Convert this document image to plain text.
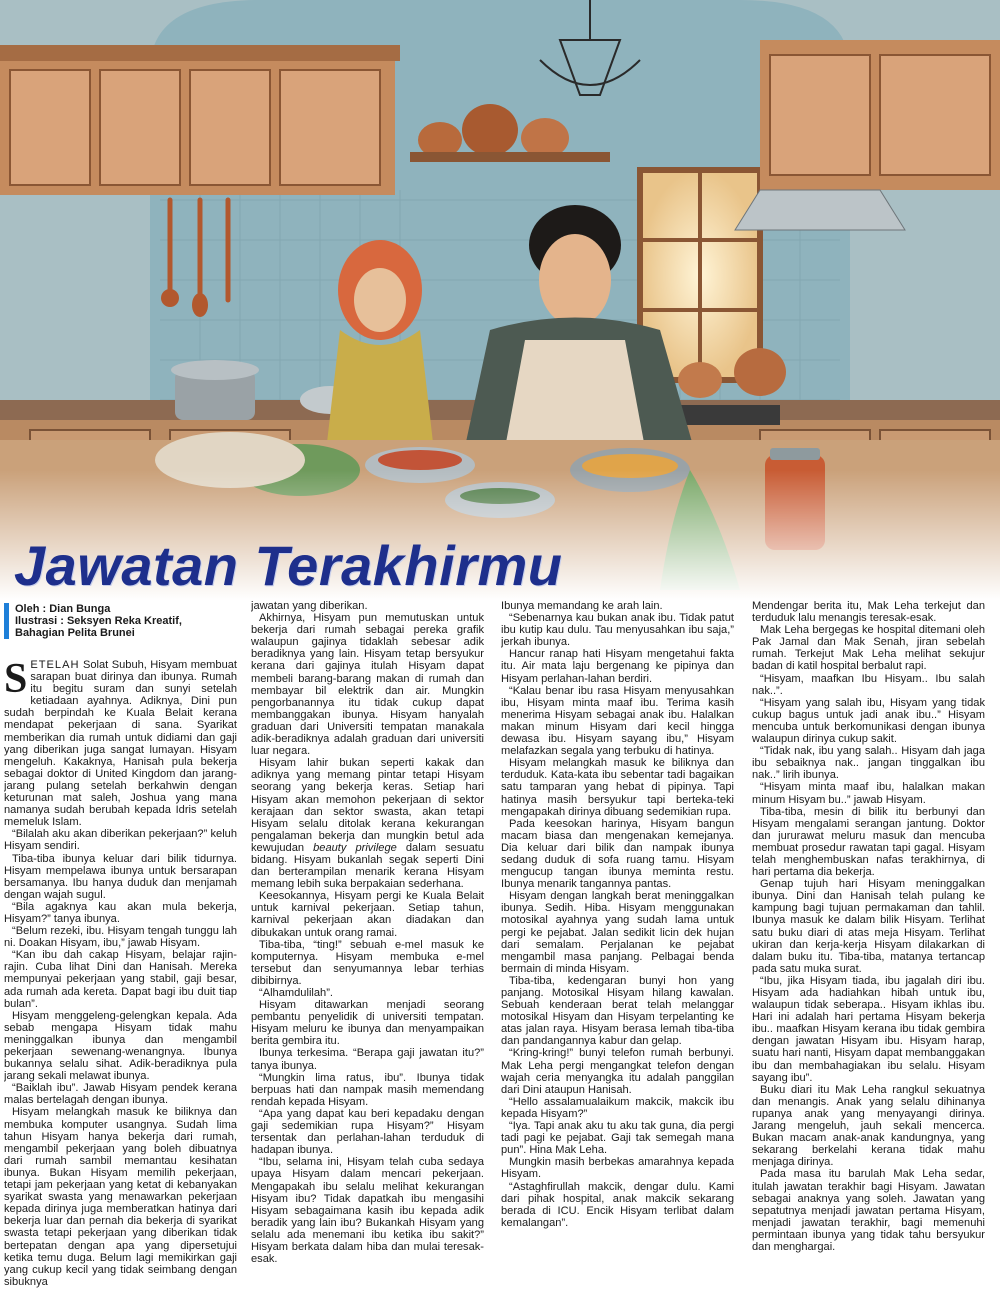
Jawatan Terakhirmu
Oleh : Dian Bunga
Ilustrasi : Seksyen Reka Kreatif,
Bahagian Pelita Brunei

SETELAH Solat Subuh, Hisyam membuat sarapan buat dirinya dan ibunya. Rumah itu begitu suram dan sunyi setelah ketiadaan ayahnya. Adiknya, Dini pun sudah berpindah ke Kuala Belait kerana mendapat pekerjaan di sana. Syarikat memberikan dia rumah untuk didiami dan gaji yang diberikan juga sangat lumayan. Hisyam mengeluh. Kakaknya, Hanisah pula bekerja sebagai doktor di United Kingdom dan jarang-jarang pulang setelah berkahwin dengan keturunan mat saleh, Joshua yang mana namanya sudah berubah kepada Idris setelah memeluk Islam.

“Bilalah aku akan diberikan pekerjaan?” keluh Hisyam sendiri.

Tiba-tiba ibunya keluar dari bilik tidurnya. Hisyam mempelawa ibunya untuk bersarapan bersamanya. Ibu hanya duduk dan menjamah dengan wajah sugul.

“Bila agaknya kau akan mula bekerja, Hisyam?” tanya ibunya.

“Belum rezeki, ibu. Hisyam tengah tunggu lah ni. Doakan Hisyam, ibu,” jawab Hisyam.

“Kan ibu dah cakap Hisyam, belajar rajin-rajin. Cuba lihat Dini dan Hanisah. Mereka mempunyai pekerjaan yang stabil, gaji besar, ada rumah ada kereta. Dapat bagi ibu duit tiap bulan”.

Hisyam menggeleng-gelengkan kepala. Ada sebab mengapa Hisyam tidak mahu meninggalkan ibunya dan mengambil pekerjaan sewenang-wenangnya. Ibunya bukannya selalu sihat. Adik-beradiknya pula jarang sekali melawat ibunya.

“Baiklah ibu”. Jawab Hisyam pendek kerana malas bertelagah dengan ibunya.

Hisyam melangkah masuk ke biliknya dan membuka komputer usangnya. Sudah lima tahun Hisyam hanya bekerja dari rumah, mengambil pekerjaan yang boleh dibuatnya dari rumah sambil memantau kesihatan ibunya. Bukan Hisyam memilih pekerjaan, tetapi jam pekerjaan yang ketat di kebanyakan syarikat swasta yang menawarkan pekerjaan kepada dirinya juga memberatkan hatinya dari bekerja luar dan pernah dia bekerja di syarikat swasta tetapi pekerjaan yang diberikan tidak bertepatan dengan apa yang dipersetujui ketika temu duga. Belum lagi memikirkan gaji yang cukup kecil yang tidak seimbang dengan sibuknya

jawatan yang diberikan.

Akhirnya, Hisyam pun memutuskan untuk bekerja dari rumah sebagai pereka grafik walaupun gajinya tidaklah sebesar adik beradiknya yang lain. Hisyam tetap bersyukur kerana dari gajinya itulah Hisyam dapat membeli barang-barang makan di rumah dan membayar bil elektrik dan air. Mungkin pengorbanannya itu tidak cukup dapat membanggakan ibunya. Hisyam hanyalah graduan dari Universiti tempatan manakala adik-beradiknya adalah graduan dari universiti luar negara.

Hisyam lahir bukan seperti kakak dan adiknya yang memang pintar tetapi Hisyam seorang yang bekerja keras. Setiap hari Hisyam akan memohon pekerjaan di sektor kerajaan dan sektor swasta, akan tetapi Hisyam selalu ditolak kerana kekurangan pengalaman bekerja dan mungkin betul ada kewujudan beauty privilege dalam sesuatu bidang. Hisyam bukanlah segak seperti Dini dan berterampilan menarik kerana Hisyam memang lebih suka berpakaian sederhana.

Keesokannya, Hisyam pergi ke Kuala Belait untuk karnival pekerjaan. Setiap tahun, karnival pekerjaan akan diadakan dan dibukakan untuk orang ramai.

Tiba-tiba, “ting!” sebuah e-mel masuk ke komputernya. Hisyam membuka e-mel tersebut dan senyumannya lebar terhias dibibirnya.

“Alhamdulilah”.

Hisyam ditawarkan menjadi seorang pembantu penyelidik di universiti tempatan. Hisyam meluru ke ibunya dan menyampaikan berita gembira itu.

Ibunya terkesima. “Berapa gaji jawatan itu?” tanya ibunya.

“Mungkin lima ratus, ibu”. Ibunya tidak berpuas hati dan nampak masih memendang rendah kepada Hisyam.

“Apa yang dapat kau beri kepadaku dengan gaji sedemikian rupa Hisyam?” Hisyam tersentak dan perlahan-lahan terduduk di hadapan ibunya.

“Ibu, selama ini, Hisyam telah cuba sedaya upaya Hisyam dalam mencari pekerjaan. Mengapakah ibu selalu melihat kekurangan Hisyam ibu? Tidak dapatkah ibu mengasihi Hisyam sebagaimana kasih ibu kepada adik beradik yang lain ibu? Bukankah Hisyam yang selalu ada menemani ibu ketika ibu sakit?” Hisyam berkata dalam hiba dan mulai teresak-esak.

Ibunya memandang ke arah lain.

“Sebenarnya kau bukan anak ibu. Tidak patut ibu kutip kau dulu. Tau menyusahkan ibu saja,” jerkah ibunya.

Hancur ranap hati Hisyam mengetahui fakta itu. Air mata laju bergenang ke pipinya dan Hisyam perlahan-lahan berdiri.

“Kalau benar ibu rasa Hisyam menyusahkan ibu, Hisyam minta maaf ibu. Terima kasih menerima Hisyam sebagai anak ibu. Halalkan makan minum Hisyam dari kecil hingga dewasa ibu. Hisyam sayang ibu,” Hisyam melafazkan segala yang terbuku di hatinya.

Hisyam melangkah masuk ke biliknya dan terduduk. Kata-kata ibu sebentar tadi bagaikan satu tamparan yang hebat di pipinya. Tapi hatinya masih bersyukur tapi berteka-teki mengapakah dirinya dibuang sedemikian rupa.

Pada keesokan harinya, Hisyam bangun macam biasa dan mengenakan kemejanya. Dia keluar dari bilik dan nampak ibunya sedang duduk di sofa ruang tamu. Hisyam mengucup tangan ibunya meminta restu. Ibunya menarik tangannya pantas.

Hisyam dengan langkah berat meninggalkan ibunya. Sedih. Hiba. Hisyam menggunakan motosikal ayahnya yang sudah lama untuk pergi ke pejabat. Jalan sedikit licin dek hujan dari semalam. Perjalanan ke pejabat mengambil masa panjang. Pelbagai benda bermain di minda Hisyam.

Tiba-tiba, kedengaran bunyi hon yang panjang. Motosikal Hisyam hilang kawalan. Sebuah kenderaan berat telah melanggar motosikal Hisyam dan Hisyam terpelanting ke atas jalan raya. Hisyam berasa lemah tiba-tiba dan pandangannya kabur dan gelap.

“Kring-kring!” bunyi telefon rumah berbunyi. Mak Leha pergi mengangkat telefon dengan wajah ceria menyangka itu adalah panggilan dari Dini ataupun Hanisah.

“Hello assalamualaikum makcik, makcik ibu kepada Hisyam?”

“Iya. Tapi anak aku tu aku tak guna, dia pergi tadi pagi ke pejabat. Gaji tak semegah mana pun”. Hina Mak Leha.

Mungkin masih berbekas amarahnya kepada Hisyam.

“Astaghfirullah makcik, dengar dulu. Kami dari pihak hospital, anak makcik sekarang berada di ICU. Encik Hisyam terlibat dalam kemalangan”.

Mendengar berita itu, Mak Leha terkejut dan terduduk lalu menangis teresak-esak.

Mak Leha bergegas ke hospital ditemani oleh Pak Jamal dan Mak Senah, jiran sebelah rumah. Terkejut Mak Leha melihat sekujur badan di katil hospital berbalut rapi.

“Hisyam, maafkan Ibu Hisyam.. Ibu salah nak..”.

“Hisyam yang salah ibu, Hisyam yang tidak cukup bagus untuk jadi anak ibu..” Hisyam mencuba untuk berkomunikasi dengan ibunya walaupun dirinya cukup sakit.

“Tidak nak, ibu yang salah.. Hisyam dah jaga ibu sebaiknya nak.. jangan tinggalkan ibu nak..” lirih ibunya.

“Hisyam minta maaf ibu, halalkan makan minum Hisyam bu..” jawab Hisyam.

Tiba-tiba, mesin di bilik itu berbunyi dan Hisyam mengalami serangan jantung. Doktor dan jururawat meluru masuk dan mencuba membuat prosedur rawatan tapi gagal. Hisyam telah menghembuskan nafas terakhirnya, di hari pertama dia bekerja.

Genap tujuh hari Hisyam meninggalkan ibunya. Dini dan Hanisah telah pulang ke kampung bagi tujuan permakaman dan tahlil. Ibunya masuk ke dalam bilik Hisyam. Terlihat satu buku diari di atas meja Hisyam. Terlihat ukiran dan kerja-kerja Hisyam dilakarkan di dalam buku itu. Tiba-tiba, matanya tertancap pada satu muka surat.

“Ibu, jika Hisyam tiada, ibu jagalah diri ibu. Hisyam ada hadiahkan hibah untuk ibu, walaupun tidak seberapa.. Hisyam ikhlas ibu. Hari ini adalah hari pertama Hisyam bekerja ibu.. maafkan Hisyam kerana ibu tidak gembira dengan jawatan Hisyam ibu. Hisyam harap, suatu hari nanti, Hisyam dapat membanggakan ibu dan membahagiakan ibu selalu. Hisyam sayang ibu”.

Buku diari itu Mak Leha rangkul sekuatnya dan menangis. Anak yang selalu dihinanya rupanya anak yang menyayangi dirinya. Jarang mengeluh, jauh sekali mencerca. Bukan macam anak-anak kandungnya, yang sekarang berkelahi kerana tidak mahu menjaga dirinya.

Pada masa itu barulah Mak Leha sedar, itulah jawatan terakhir bagi Hisyam. Jawatan sebagai anaknya yang soleh. Jawatan yang sepatutnya menjadi jawatan pertama Hisyam, menjadi jawatan terakhir, bagi memenuhi permintaan ibunya yang tidak tahu bersyukur dan menghargai.
